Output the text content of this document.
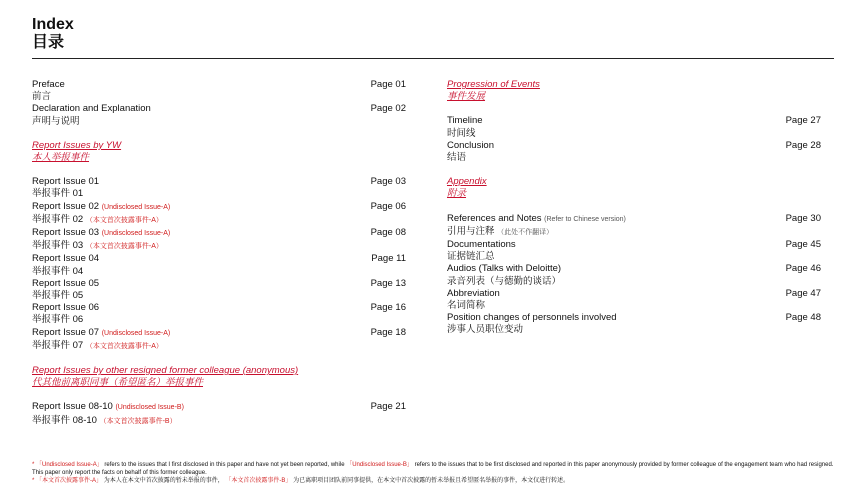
Index
目录
Preface	Page 01
前言
Declaration and Explanation	Page 02
声明与说明
Report Issues by YW
本人举报事件
Report Issue 01	Page 03
举报事件 01
Report Issue 02 (Undisclosed Issue-A)	Page 06
举报事件 02 （本文首次披露事件-A）
Report Issue 03 (Undisclosed Issue-A)	Page 08
举报事件 03 （本文首次披露事件-A）
Report Issue 04	Page 11
举报事件 04
Report Issue 05	Page 13
举报事件 05
Report Issue 06	Page 16
举报事件 06
Report Issue 07 (Undisclosed Issue-A)	Page 18
举报事件 07 （本文首次披露事件-A）
Report Issues by other resigned former colleague (anonymous)
代其他前离职同事（希望匿名）举报事件
Report Issue 08-10 (Undisclosed Issue-B)	Page 21
举报事件 08-10 （本文首次披露事件-B）
Progression of Events
事件发展
Timeline	Page 27
时间线
Conclusion	Page 28
结语
Appendix
附录
References and Notes (Refer to Chinese version)	Page 30
引用与注释 （此处不作翻译）
Documentations	Page 45
证据链汇总
Audios (Talks with Deloitte)	Page 46
录音列表（与德勤的谈话）
Abbreviation	Page 47
名词简称
Position changes of personnels involved	Page 48
涉事人员职位变动
* 「Undisclosed Issue-A」 refers to the issues that I first disclosed in this paper and have not yet been reported, while 「Undisclosed Issue-B」 refers to the issues that to be first disclosed and reported in this paper anonymously provided by former colleague of the engagement team who had resigned. This paper only report the facts on behalf of this former colleague.
* 「本文首次披露事件-A」 为本人在本文中首次披露的暂未举报的事件， 「本文首次披露事件-B」 为已离职项目团队前同事提供，在本文中首次披露的暂未举报且希望匿名举报的事件，本文仅进行转述。
